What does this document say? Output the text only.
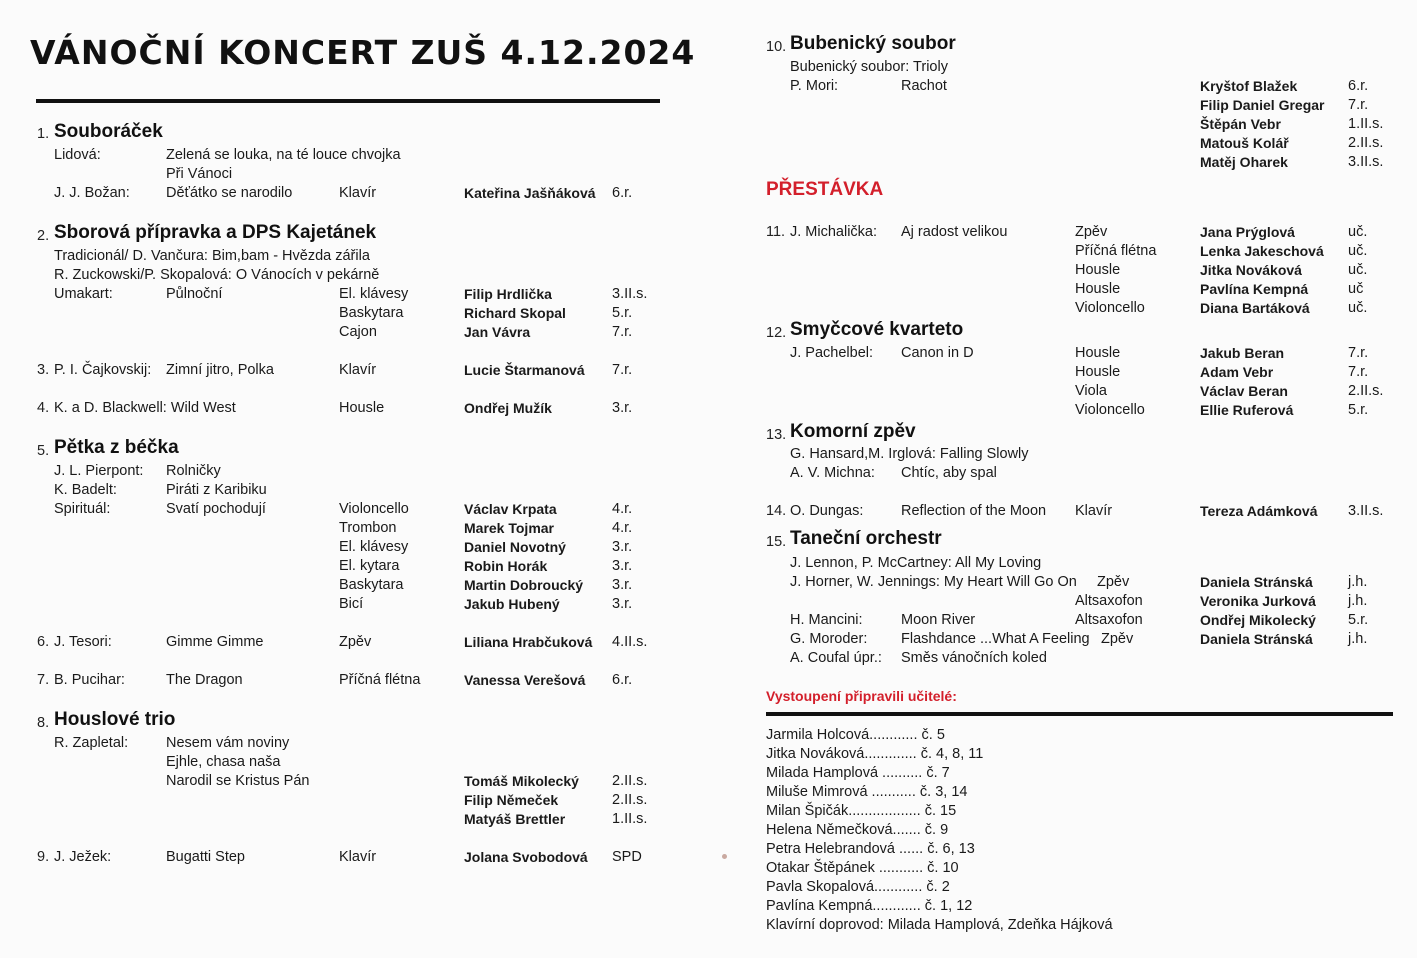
VÁNOČNÍ KONCERT ZUŠ 4.12.2024
1. Souboráček
Lidová:	Zelená se louka, na té louce chvojka
Při Vánoci
J. J. Božan: Děťátko se narodilo	Klavír	Kateřina Jašňáková 6.r.
2. Sborová přípravka a DPS Kajetánek
Tradicionál/ D. Vančura: Bim,bam - Hvězda zářila
R. Zuckowski/P. Skopalová: O Vánocích v pekárně
Umakart:	Půlnoční	El. klávesy	Filip Hrdlička	3.II.s.
Baskytara	Richard Skopal	5.r.
Cajon	Jan Vávra	7.r.
3. P. I. Čajkovskij: Zimní jitro, Polka	Klavír	Lucie Štarmanová 7.r.
4. K. a D. Blackwell: Wild West	Housle	Ondřej Mužík	3.r.
5. Pětka z béčka
J. L. Pierpont: Rolničky
K. Badelt:	Piráti z Karibiku
Spirituál:	Svatí pochodují	Violoncello	Václav Krpata	4.r.
Trombon	Marek Tojmar	4.r.
El. klávesy	Daniel Novotný	3.r.
El. kytara	Robin Horák	3.r.
Baskytara	Martin Dobroucký 3.r.
Bicí	Jakub Hubený	3.r.
6. J. Tesori:	Gimme Gimme	Zpěv	Liliana Hrabčuková 4.II.s.
7. B. Pucihar:	The Dragon	Příčná flétna	Vanessa Verešová 6.r.
8. Houslové trio
R. Zapletal:	Nesem vám noviny
Ejhle, chasa naša
Narodil se Kristus Pán	Tomáš Mikolecký 2.II.s.
Filip Němeček	2.II.s.
Matyáš Brettler	1.II.s.
9. J. Ježek:	Bugatti Step	Klavír	Jolana Svobodová SPD
10. Bubenický soubor
Bubenický soubor: Trioly
P. Mori:	Rachot	Kryštof Blažek	6.r.
Filip Daniel Gregar 7.r.
Štěpán Vebr	1.II.s.
Matouš Kolář	2.II.s.
Matěj Oharek	3.II.s.
PŘESTÁVKA
11. J. Michalička: Aj radost velikou	Zpěv	Jana Prýglová	uč.
Příčná flétna	Lenka Jakeschová uč.
Housle	Jitka Nováková	uč.
Housle	Pavlína Kempná	uč
Violoncello	Diana Bartáková	uč.
12. Smyčcové kvarteto
J. Pachelbel: Canon in D	Housle	Jakub Beran	7.r.
Housle	Adam Vebr	7.r.
Viola	Václav Beran	2.II.s.
Violoncello	Ellie Ruferová	5.r.
13. Komorní zpěv
G. Hansard,M. Irglová: Falling Slowly
A. V. Michna: Chtíc, aby spal
14. O. Dungas:	Reflection of the Moon Klavír	Tereza Adámková 3.II.s.
15. Taneční orchestr
J. Lennon, P. McCartney: All My Loving
J. Horner, W. Jennings: My Heart Will Go On Zpěv	Daniela Stránská j.h.
Altsaxofon	Veronika Jurková j.h.
H. Mancini:	Moon River	Altsaxofon	Ondřej Mikolecký 5.r.
G. Moroder: Flashdance ...What A Feeling Zpěv	Daniela Stránská j.h.
A. Coufal úpr.: Směs vánočních koled
Vystoupení připravili učitelé:
Jarmila Holcová............ č. 5
Jitka Nováková............. č. 4, 8, 11
Milada Hamplová .......... č. 7
Miluše Mimrová ........... č. 3, 14
Milan Špičák.................. č. 15
Helena Němečková....... č. 9
Petra Helebrandová ...... č. 6, 13
Otakar Štěpánek ........... č. 10
Pavla Skopalová............ č. 2
Pavlína Kempná............ č. 1, 12
Klavírní doprovod: Milada Hamplová, Zdeňka Hájková
